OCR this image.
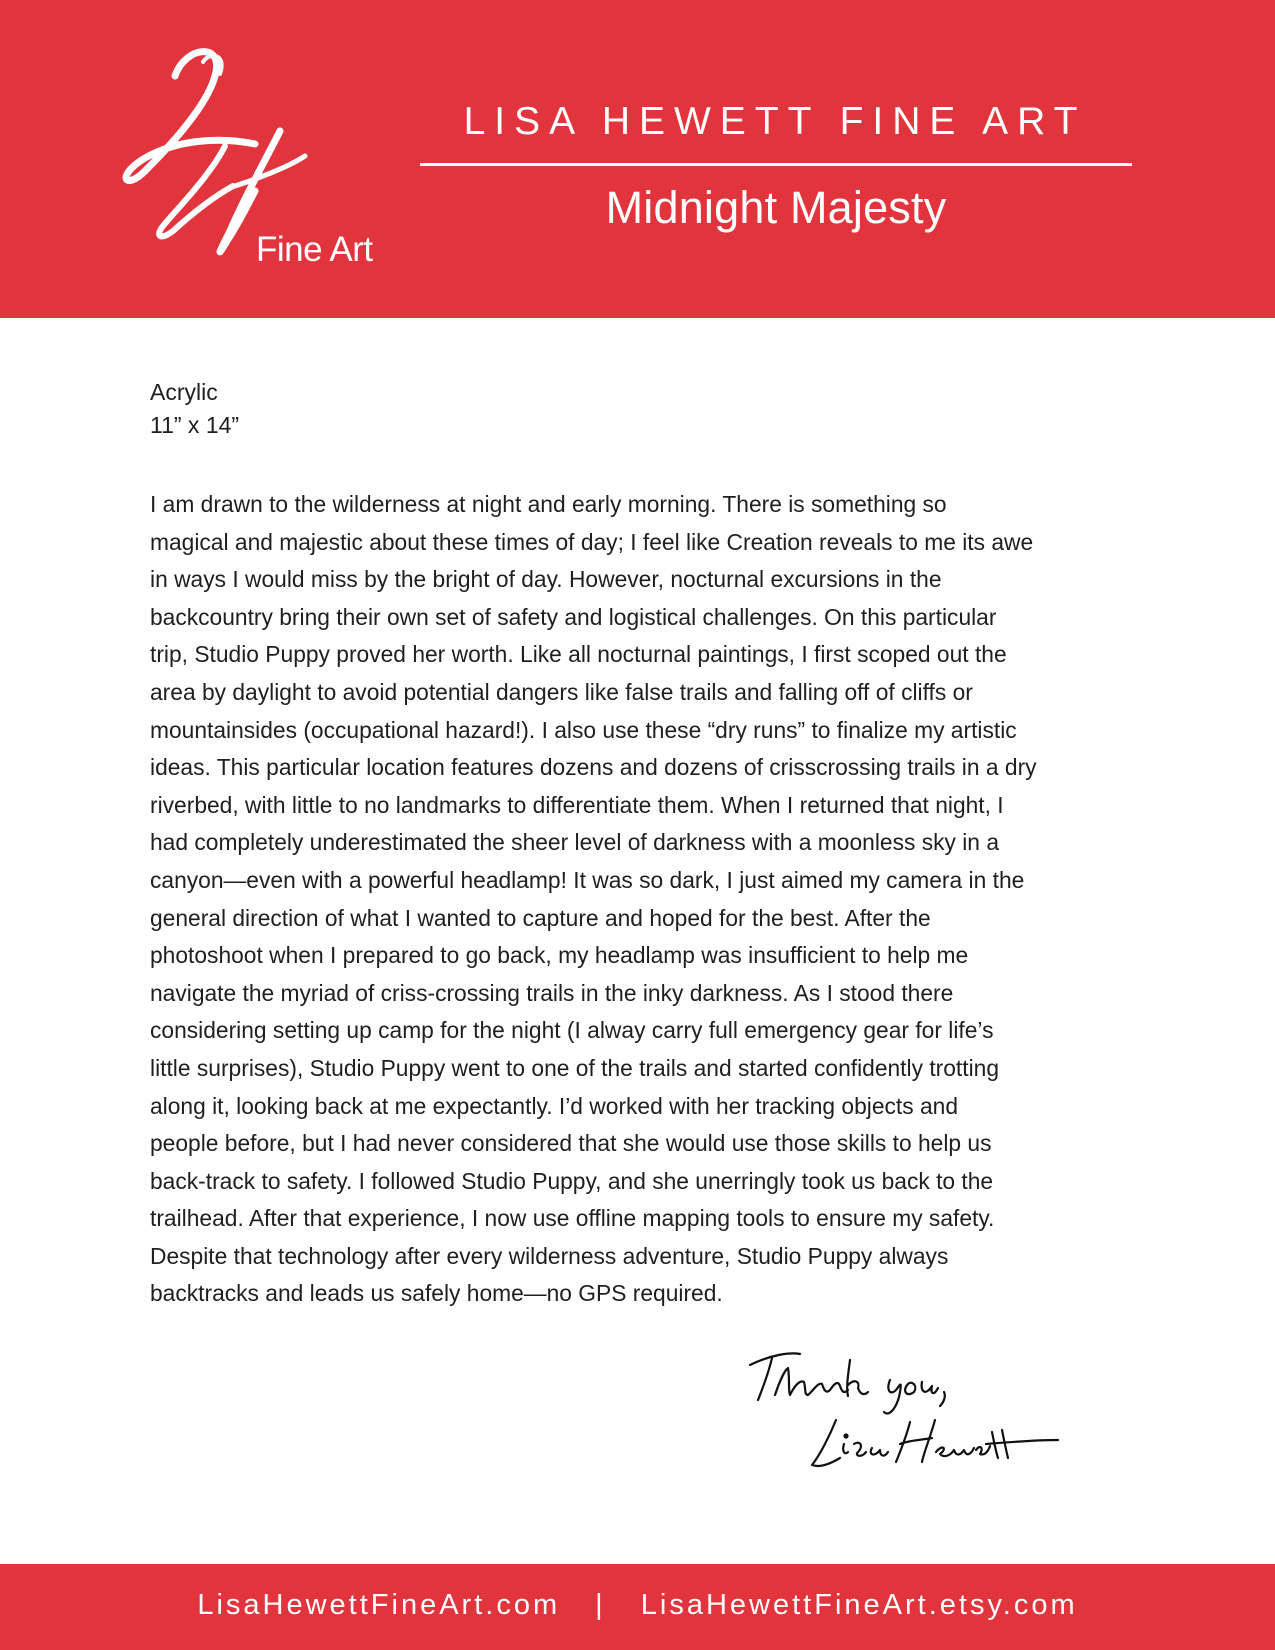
Fine Art
LISA HEWETT FINE ART
Midnight Majesty
Acrylic
11” x 14”
I am drawn to the wilderness at night and early morning. There is something so
magical and majestic about these times of day; I feel like Creation reveals to me its awe
in ways I would miss by the bright of day. However, nocturnal excursions in the
backcountry bring their own set of safety and logistical challenges. On this particular
trip, Studio Puppy proved her worth. Like all nocturnal paintings, I first scoped out the
area by daylight to avoid potential dangers like false trails and falling off of cliffs or
mountainsides (occupational hazard!). I also use these “dry runs” to finalize my artistic
ideas. This particular location features dozens and dozens of crisscrossing trails in a dry
riverbed, with little to no landmarks to differentiate them. When I returned that night, I
had completely underestimated the sheer level of darkness with a moonless sky in a
canyon—even with a powerful headlamp! It was so dark, I just aimed my camera in the
general direction of what I wanted to capture and hoped for the best. After the
photoshoot when I prepared to go back, my headlamp was insufficient to help me
navigate the myriad of criss-crossing trails in the inky darkness. As I stood there
considering setting up camp for the night (I alway carry full emergency gear for life’s
little surprises), Studio Puppy went to one of the trails and started confidently trotting
along it, looking back at me expectantly. I’d worked with her tracking objects and
people before, but I had never considered that she would use those skills to help us
back-track to safety. I followed Studio Puppy, and she unerringly took us back to the
trailhead. After that experience, I now use offline mapping tools to ensure my safety.
Despite that technology after every wilderness adventure, Studio Puppy always
backtracks and leads us safely home—no GPS required.
LisaHewettFineArt.com | LisaHewettFineArt.etsy.com
